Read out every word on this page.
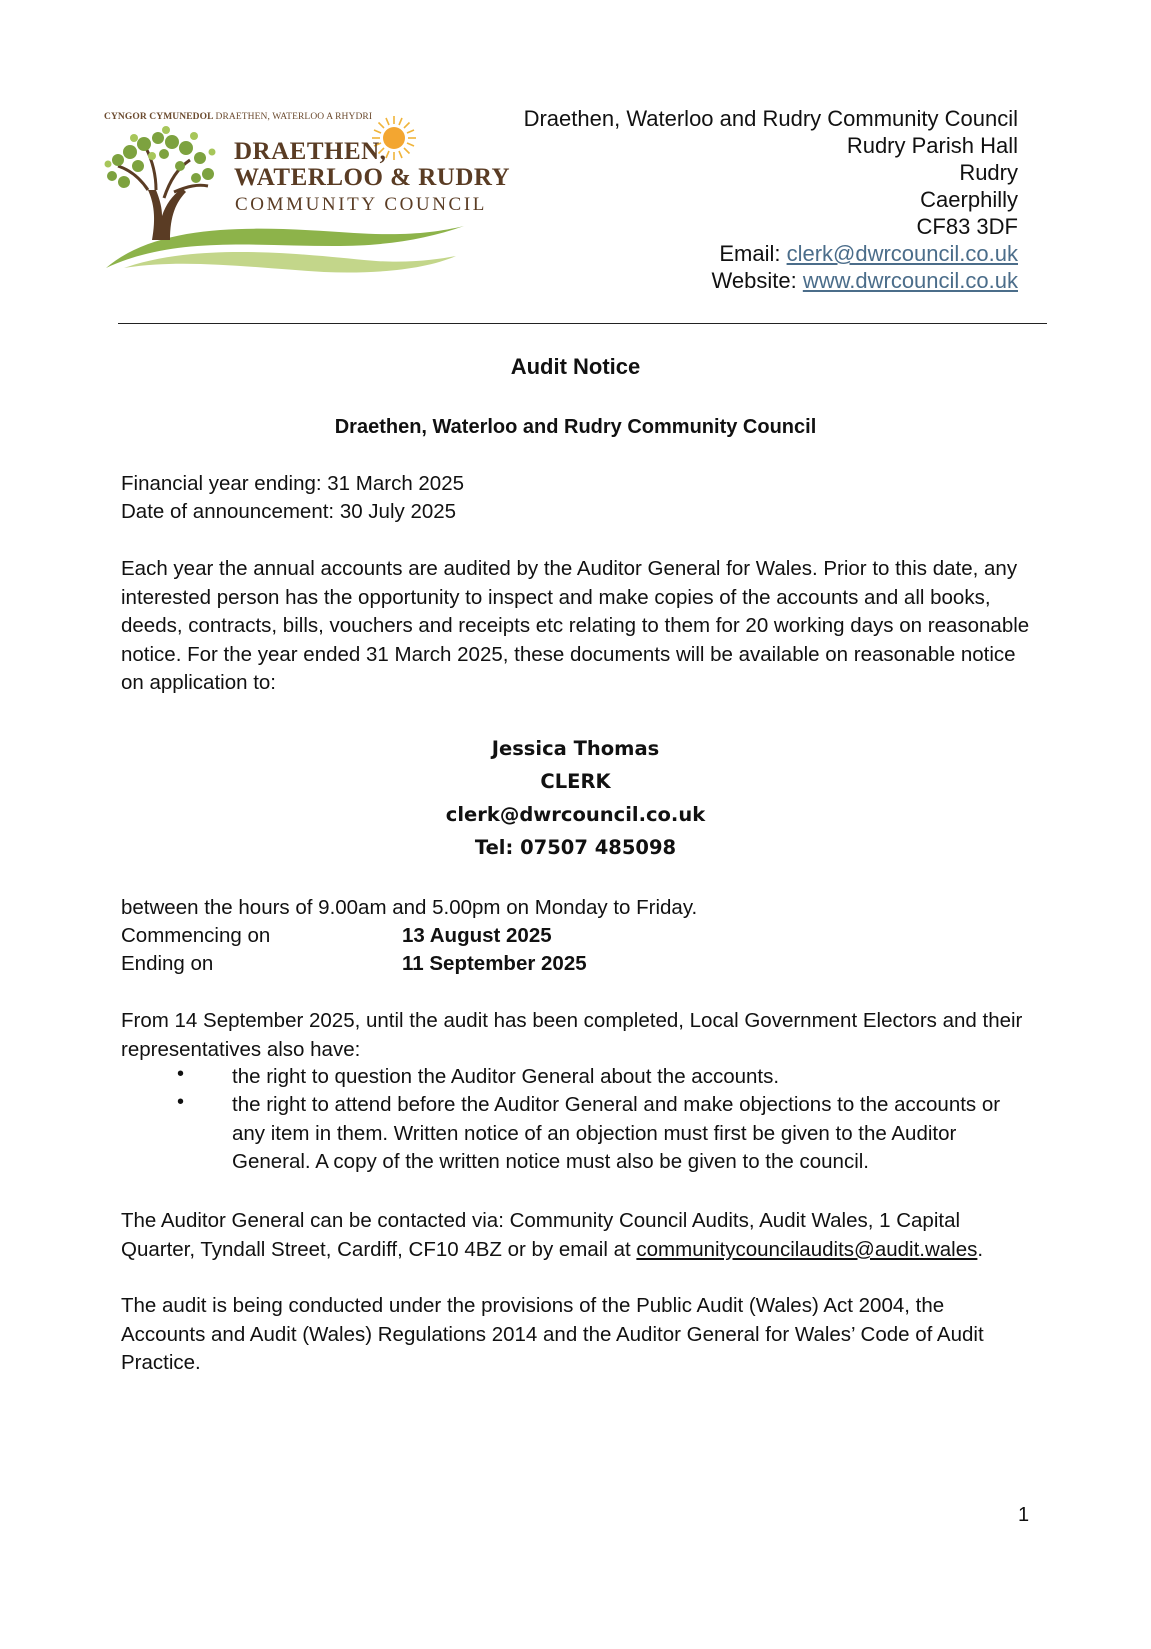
CYNGOR CYMUNEDOL DRAETHEN, WATERLOO A RHYDRI
DRAETHEN,
WATERLOO & RUDRY
COMMUNITY COUNCIL
Draethen, Waterloo and Rudry Community Council
Rudry Parish Hall
Rudry
Caerphilly
CF83 3DF
Email: clerk@dwrcouncil.co.uk
Website: www.dwrcouncil.co.uk
Audit Notice
Draethen, Waterloo and Rudry Community Council
Financial year ending: 31 March 2025
Date of announcement: 30 July 2025
Each year the annual accounts are audited by the Auditor General for Wales. Prior to this date, any interested person has the opportunity to inspect and make copies of the accounts and all books, deeds, contracts, bills, vouchers and receipts etc relating to them for 20 working days on reasonable notice. For the year ended 31 March 2025, these documents will be available on reasonable notice on application to:
Jessica Thomas
CLERK
clerk@dwrcouncil.co.uk
Tel: 07507 485098
between the hours of 9.00am and 5.00pm on Monday to Friday.
Commencing on	13 August 2025
Ending on	11 September 2025
From 14 September 2025, until the audit has been completed, Local Government Electors and their representatives also have:
• the right to question the Auditor General about the accounts.
• the right to attend before the Auditor General and make objections to the accounts or any item in them. Written notice of an objection must first be given to the Auditor General. A copy of the written notice must also be given to the council.
The Auditor General can be contacted via: Community Council Audits, Audit Wales, 1 Capital Quarter, Tyndall Street, Cardiff, CF10 4BZ or by email at communitycouncilaudits@audit.wales.
The audit is being conducted under the provisions of the Public Audit (Wales) Act 2004, the Accounts and Audit (Wales) Regulations 2014 and the Auditor General for Wales’ Code of Audit Practice.
1
